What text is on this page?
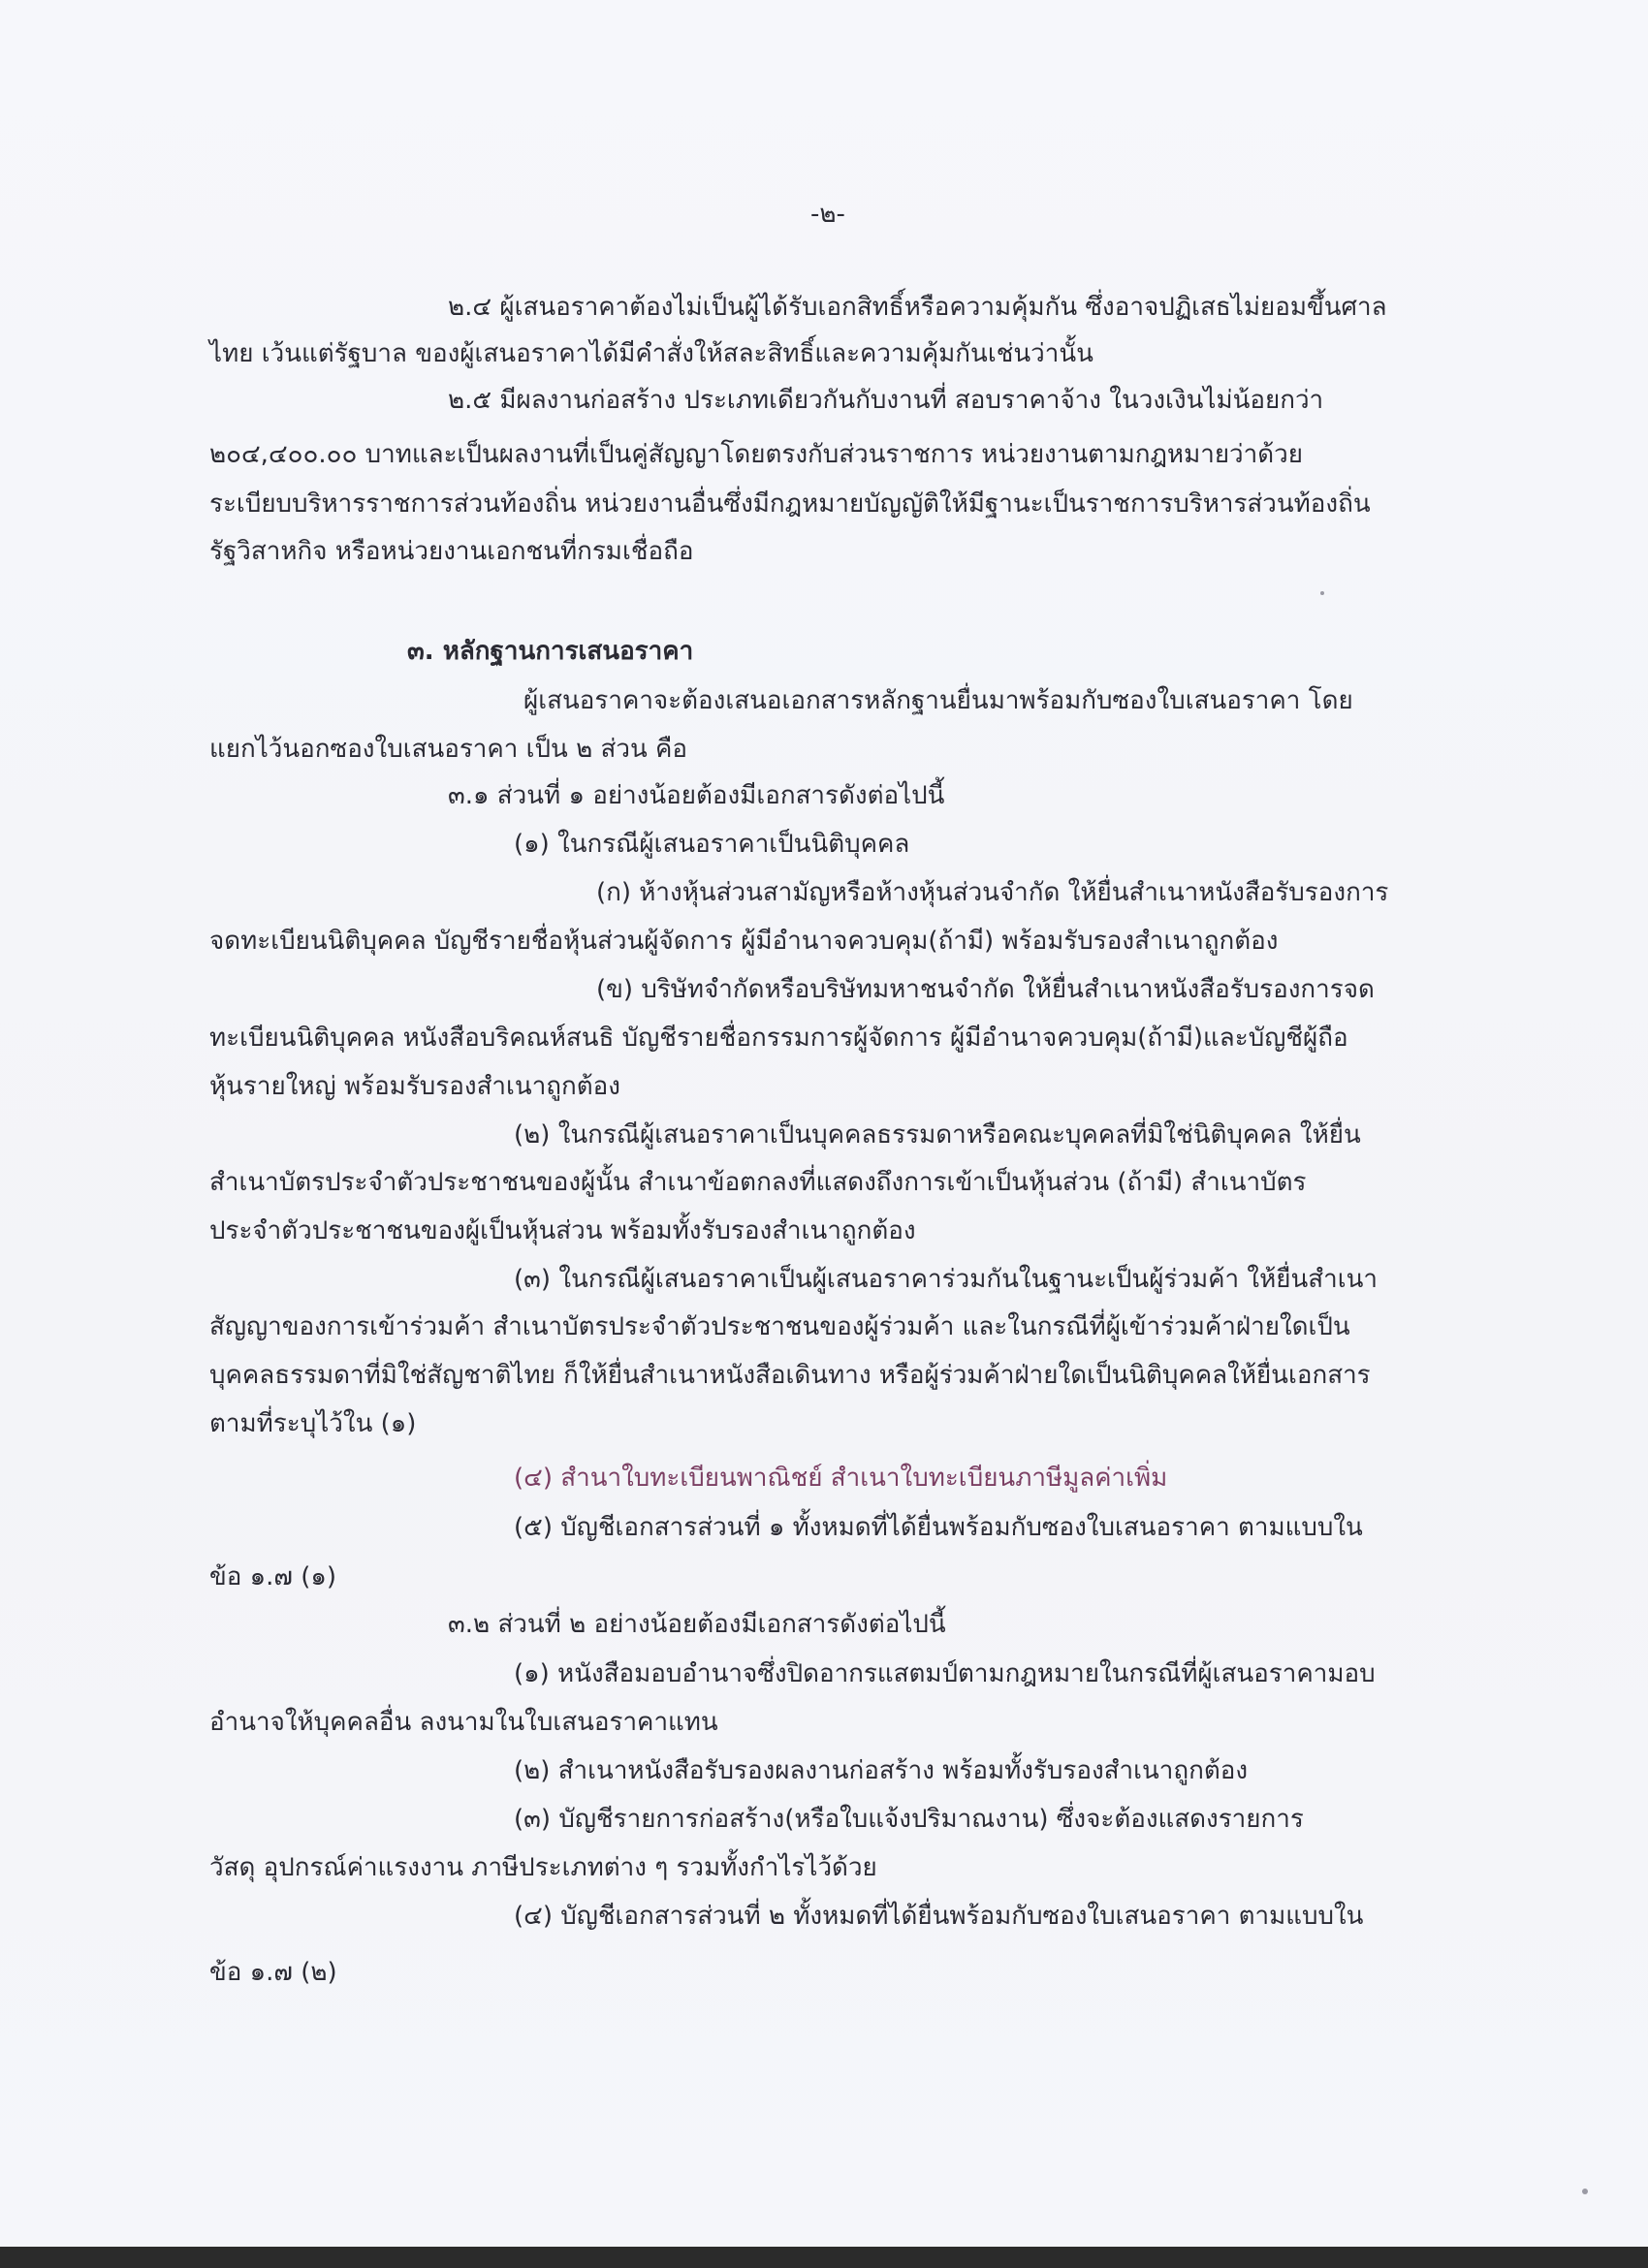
-๒-
๒.๔ ผู้เสนอราคาต้องไม่เป็นผู้ได้รับเอกสิทธิ์หรือความคุ้มกัน ซึ่งอาจปฏิเสธไม่ยอมขึ้นศาล
ไทย เว้นแต่รัฐบาล ของผู้เสนอราคาได้มีคำสั่งให้สละสิทธิ์และความคุ้มกันเช่นว่านั้น
๒.๕ มีผลงานก่อสร้าง ประเภทเดียวกันกับงานที่ สอบราคาจ้าง ในวงเงินไม่น้อยกว่า
๒๐๔,๔๐๐.๐๐ บาทและเป็นผลงานที่เป็นคู่สัญญาโดยตรงกับส่วนราชการ หน่วยงานตามกฎหมายว่าด้วย
ระเบียบบริหารราชการส่วนท้องถิ่น หน่วยงานอื่นซึ่งมีกฎหมายบัญญัติให้มีฐานะเป็นราชการบริหารส่วนท้องถิ่น
รัฐวิสาหกิจ หรือหน่วยงานเอกชนที่กรมเชื่อถือ
๓. หลักฐานการเสนอราคา
ผู้เสนอราคาจะต้องเสนอเอกสารหลักฐานยื่นมาพร้อมกับซองใบเสนอราคา โดย
แยกไว้นอกซองใบเสนอราคา เป็น ๒ ส่วน คือ
๓.๑ ส่วนที่ ๑ อย่างน้อยต้องมีเอกสารดังต่อไปนี้
(๑) ในกรณีผู้เสนอราคาเป็นนิติบุคคล
(ก) ห้างหุ้นส่วนสามัญหรือห้างหุ้นส่วนจำกัด ให้ยื่นสำเนาหนังสือรับรองการ
จดทะเบียนนิติบุคคล บัญชีรายชื่อหุ้นส่วนผู้จัดการ ผู้มีอำนาจควบคุม(ถ้ามี) พร้อมรับรองสำเนาถูกต้อง
(ข) บริษัทจำกัดหรือบริษัทมหาชนจำกัด ให้ยื่นสำเนาหนังสือรับรองการจด
ทะเบียนนิติบุคคล หนังสือบริคณห์สนธิ บัญชีรายชื่อกรรมการผู้จัดการ ผู้มีอำนาจควบคุม(ถ้ามี)และบัญชีผู้ถือ
หุ้นรายใหญ่ พร้อมรับรองสำเนาถูกต้อง
(๒) ในกรณีผู้เสนอราคาเป็นบุคคลธรรมดาหรือคณะบุคคลที่มิใช่นิติบุคคล ให้ยื่น
สำเนาบัตรประจำตัวประชาชนของผู้นั้น สำเนาข้อตกลงที่แสดงถึงการเข้าเป็นหุ้นส่วน (ถ้ามี) สำเนาบัตร
ประจำตัวประชาชนของผู้เป็นหุ้นส่วน พร้อมทั้งรับรองสำเนาถูกต้อง
(๓) ในกรณีผู้เสนอราคาเป็นผู้เสนอราคาร่วมกันในฐานะเป็นผู้ร่วมค้า ให้ยื่นสำเนา
สัญญาของการเข้าร่วมค้า สำเนาบัตรประจำตัวประชาชนของผู้ร่วมค้า และในกรณีที่ผู้เข้าร่วมค้าฝ่ายใดเป็น
บุคคลธรรมดาที่มิใช่สัญชาติไทย ก็ให้ยื่นสำเนาหนังสือเดินทาง หรือผู้ร่วมค้าฝ่ายใดเป็นนิติบุคคลให้ยื่นเอกสาร
ตามที่ระบุไว้ใน (๑)
(๔) สำนาใบทะเบียนพาณิชย์ สำเนาใบทะเบียนภาษีมูลค่าเพิ่ม
(๕) บัญชีเอกสารส่วนที่ ๑ ทั้งหมดที่ได้ยื่นพร้อมกับซองใบเสนอราคา ตามแบบใน
ข้อ ๑.๗ (๑)
๓.๒ ส่วนที่ ๒ อย่างน้อยต้องมีเอกสารดังต่อไปนี้
(๑) หนังสือมอบอำนาจซึ่งปิดอากรแสตมป์ตามกฎหมายในกรณีที่ผู้เสนอราคามอบ
อำนาจให้บุคคลอื่น ลงนามในใบเสนอราคาแทน
(๒) สำเนาหนังสือรับรองผลงานก่อสร้าง พร้อมทั้งรับรองสำเนาถูกต้อง
(๓) บัญชีรายการก่อสร้าง(หรือใบแจ้งปริมาณงาน) ซึ่งจะต้องแสดงรายการ
วัสดุ อุปกรณ์ค่าแรงงาน ภาษีประเภทต่าง ๆ รวมทั้งกำไรไว้ด้วย
(๔) บัญชีเอกสารส่วนที่ ๒ ทั้งหมดที่ได้ยื่นพร้อมกับซองใบเสนอราคา ตามแบบใน
ข้อ ๑.๗ (๒)
